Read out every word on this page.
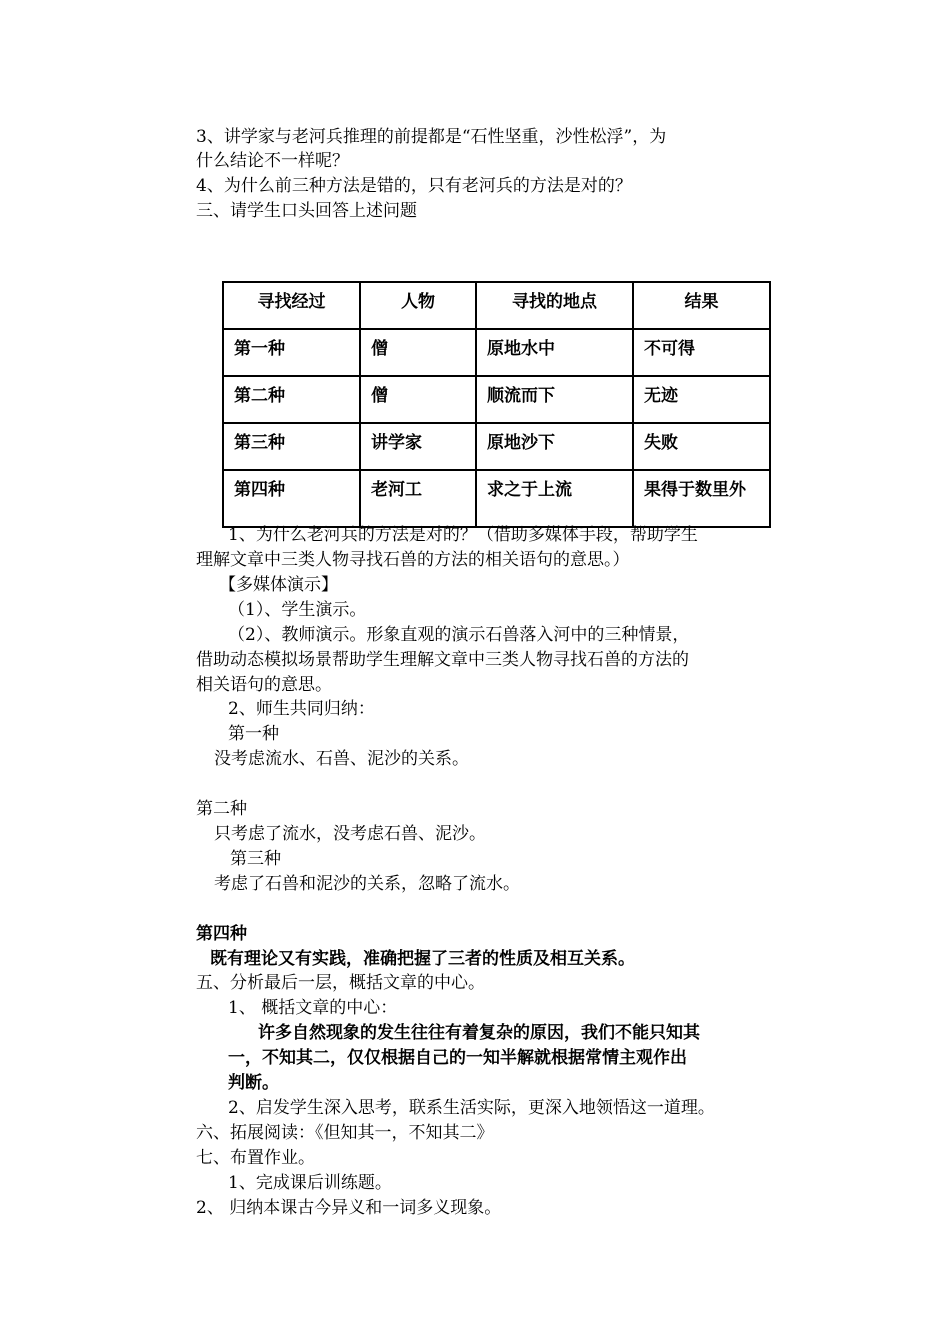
3、讲学家与老河兵推理的前提都是“石性坚重，沙性松浮”，为
什么结论不一样呢？
4、为什么前三种方法是错的，只有老河兵的方法是对的？
三、请学生口头回答上述问题
寻找经过	人物	寻找的地点	结果
第一种	僧	原地水中	不可得
第二种	僧	顺流而下	无迹
第三种	讲学家	原地沙下	失败
第四种	老河工	求之于上流	果得于数里外
1、为什么老河兵的方法是对的？（借助多媒体手段，帮助学生
理解文章中三类人物寻找石兽的方法的相关语句的意思。）
【多媒体演示】
（1）、学生演示。
（2）、教师演示。形象直观的演示石兽落入河中的三种情景，
借助动态模拟场景帮助学生理解文章中三类人物寻找石兽的方法的
相关语句的意思。
2、师生共同归纳：
第一种
没考虑流水、石兽、泥沙的关系。
第二种
只考虑了流水，没考虑石兽、泥沙。
第三种
考虑了石兽和泥沙的关系，忽略了流水。
第四种
既有理论又有实践，准确把握了三者的性质及相互关系。
五、分析最后一层，概括文章的中心。
1、 概括文章的中心：
许多自然现象的发生往往有着复杂的原因，我们不能只知其
一，不知其二，仅仅根据自己的一知半解就根据常情主观作出
判断。
2、启发学生深入思考，联系生活实际，更深入地领悟这一道理。
六、拓展阅读：《但知其一，不知其二》
七、布置作业。
1、完成课后训练题。
2、 归纳本课古今异义和一词多义现象。
